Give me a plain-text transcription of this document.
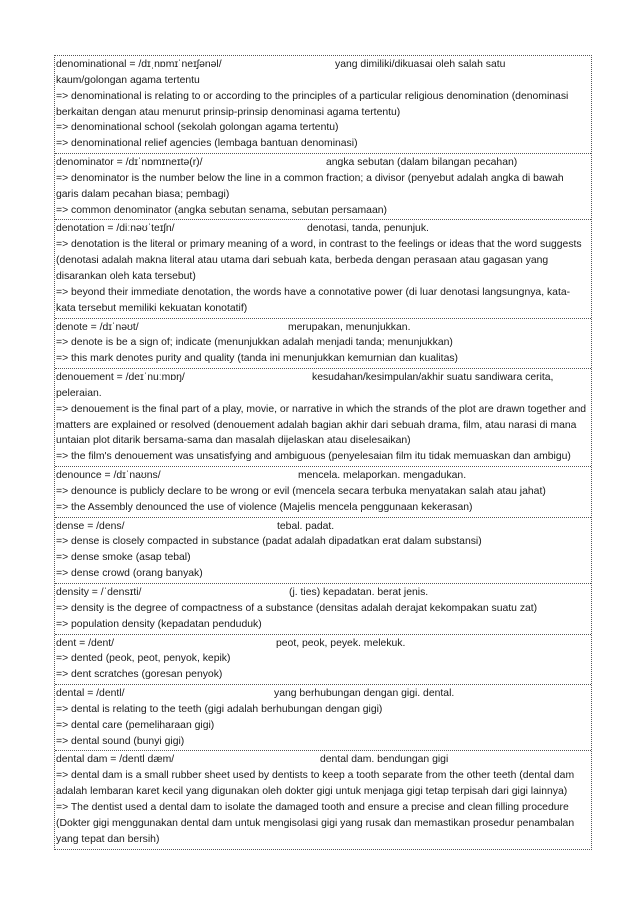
denominational = /dɪˌnɒmɪˈneɪʃənəl/	yang dimiliki/dikuasai oleh salah satu

kaum/golongan agama tertentu

=> denominational is relating to or according to the principles of a particular religious denomination (denominasi berkaitan dengan atau menurut prinsip-prinsip denominasi agama tertentu)

=> denominational school (sekolah golongan agama tertentu)

=> denominational relief agencies (lembaga bantuan denominasi)

denominator = /dɪˈnɒmɪneɪtə(r)/	angka sebutan (dalam bilangan pecahan)

=> denominator is the number below the line in a common fraction; a divisor (penyebut adalah angka di bawah garis dalam pecahan biasa; pembagi)

=> common denominator (angka sebutan senama, sebutan persamaan)

denotation = /diːnəʊˈteɪʃn/	denotasi, tanda, penunjuk.

=> denotation is the literal or primary meaning of a word, in contrast to the feelings or ideas that the word suggests (denotasi adalah makna literal atau utama dari sebuah kata, berbeda dengan perasaan atau gagasan yang disarankan oleh kata tersebut)

=> beyond their immediate denotation, the words have a connotative power (di luar denotasi langsungnya, kata-kata tersebut memiliki kekuatan konotatif)

denote = /dɪˈnəʊt/	merupakan, menunjukkan.

=> denote is be a sign of; indicate (menunjukkan adalah menjadi tanda; menunjukkan)

=> this mark denotes purity and quality (tanda ini menunjukkan kemurnian dan kualitas)

denouement = /deɪˈnuːmɒŋ/	kesudahan/kesimpulan/akhir suatu sandiwara cerita,

peleraian.

=> denouement is the final part of a play, movie, or narrative in which the strands of the plot are drawn together and matters are explained or resolved (denouement adalah bagian akhir dari sebuah drama, film, atau narasi di mana untaian plot ditarik bersama-sama dan masalah dijelaskan atau diselesaikan)

=> the film's denouement was unsatisfying and ambiguous (penyelesaian film itu tidak memuaskan dan ambigu)

denounce = /dɪˈnaʊns/	mencela. melaporkan. mengadukan.

=> denounce is publicly declare to be wrong or evil (mencela secara terbuka menyatakan salah atau jahat)

=> the Assembly denounced the use of violence (Majelis mencela penggunaan kekerasan)

dense = /dens/	tebal. padat.

=> dense is closely compacted in substance (padat adalah dipadatkan erat dalam substansi)

=> dense smoke (asap tebal)

=> dense crowd (orang banyak)

density = /ˈdensɪti/	(j. ties) kepadatan. berat jenis.

=> density is the degree of compactness of a substance (densitas adalah derajat kekompakan suatu zat)

=> population density (kepadatan penduduk)

dent = /dent/	peot, peok, peyek. melekuk.

=> dented (peok, peot, penyok, kepik)

=> dent scratches (goresan penyok)

dental = /dentl/	yang berhubungan dengan gigi. dental.

=> dental is relating to the teeth (gigi adalah berhubungan dengan gigi)

=> dental care (pemeliharaan gigi)

=> dental sound (bunyi gigi)

dental dam = /dentl dæm/	dental dam. bendungan gigi

=> dental dam is a small rubber sheet used by dentists to keep a tooth separate from the other teeth (dental dam adalah lembaran karet kecil yang digunakan oleh dokter gigi untuk menjaga gigi tetap terpisah dari gigi lainnya)

=> The dentist used a dental dam to isolate the damaged tooth and ensure a precise and clean filling procedure (Dokter gigi menggunakan dental dam untuk mengisolasi gigi yang rusak dan memastikan prosedur penambalan yang tepat dan bersih)
